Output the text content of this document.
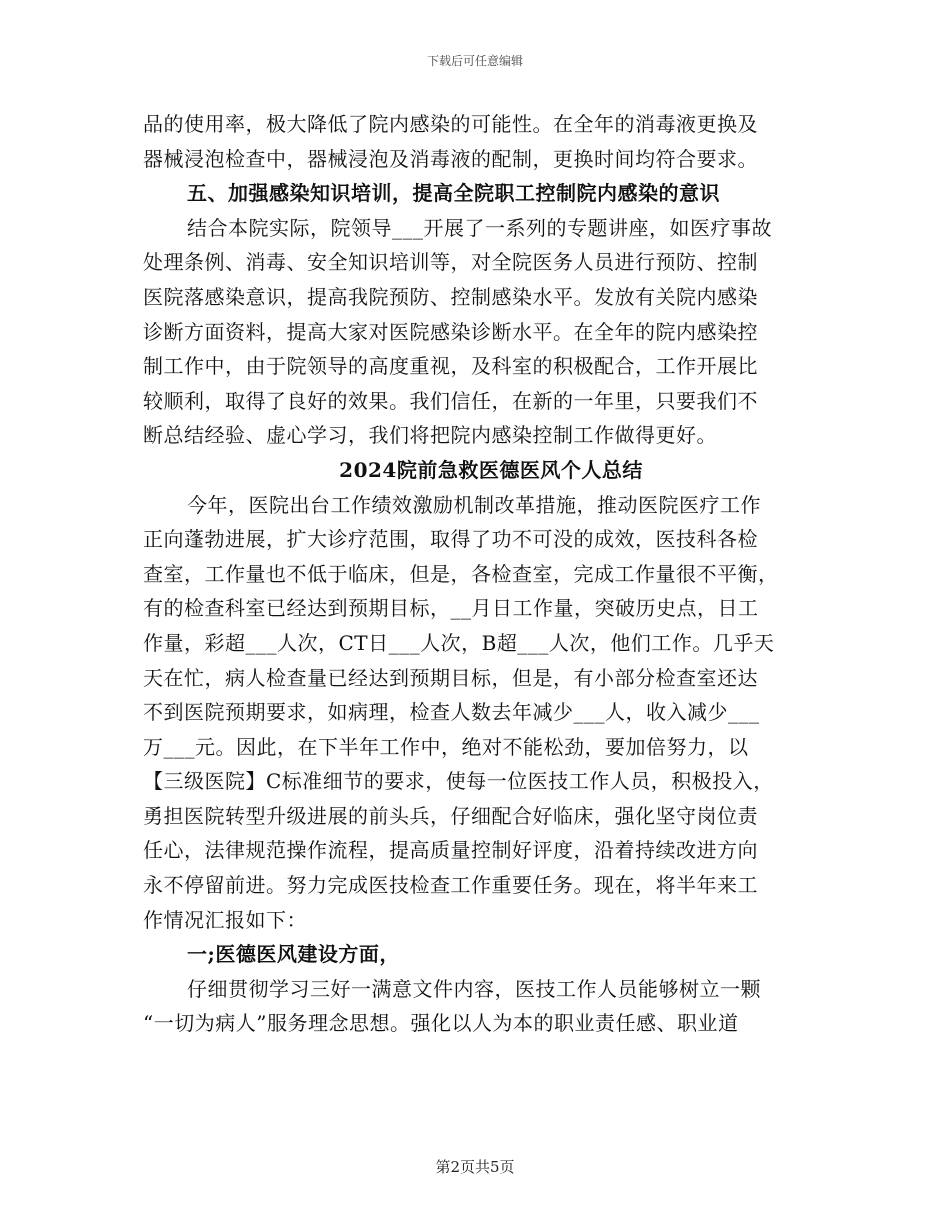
下载后可任意编辑
品的使用率，极大降低了院内感染的可能性。在全年的消毒液更换及
器械浸泡检查中，器械浸泡及消毒液的配制，更换时间均符合要求。
五、加强感染知识培训，提高全院职工控制院内感染的意识
结合本院实际，院领导___开展了一系列的专题讲座，如医疗事故
处理条例、消毒、安全知识培训等，对全院医务人员进行预防、控制
医院落感染意识，提高我院预防、控制感染水平。发放有关院内感染
诊断方面资料，提高大家对医院感染诊断水平。在全年的院内感染控
制工作中，由于院领导的高度重视，及科室的积极配合，工作开展比
较顺利，取得了良好的效果。我们信任，在新的一年里，只要我们不
断总结经验、虚心学习，我们将把院内感染控制工作做得更好。
2024院前急救医德医风个人总结
今年，医院出台工作绩效激励机制改革措施，推动医院医疗工作
正向蓬勃进展，扩大诊疗范围，取得了功不可没的成效，医技科各检
查室，工作量也不低于临床，但是，各检查室，完成工作量很不平衡，
有的检查科室已经达到预期目标，__月日工作量，突破历史点，日工
作量，彩超___人次，CT日___人次，B超___人次，他们工作。几乎天
天在忙，病人检查量已经达到预期目标，但是，有小部分检查室还达
不到医院预期要求，如病理，检查人数去年减少___人，收入减少___
万___元。因此，在下半年工作中，绝对不能松劲，要加倍努力，以
【三级医院】C标准细节的要求，使每一位医技工作人员，积极投入，
勇担医院转型升级进展的前头兵，仔细配合好临床，强化坚守岗位责
任心，法律规范操作流程，提高质量控制好评度，沿着持续改进方向
永不停留前进。努力完成医技检查工作重要任务。现在，将半年来工
作情况汇报如下：
一;医德医风建设方面，
仔细贯彻学习三好一满意文件内容，医技工作人员能够树立一颗
“一切为病人”服务理念思想。强化以人为本的职业责任感、职业道
第2页共5页
